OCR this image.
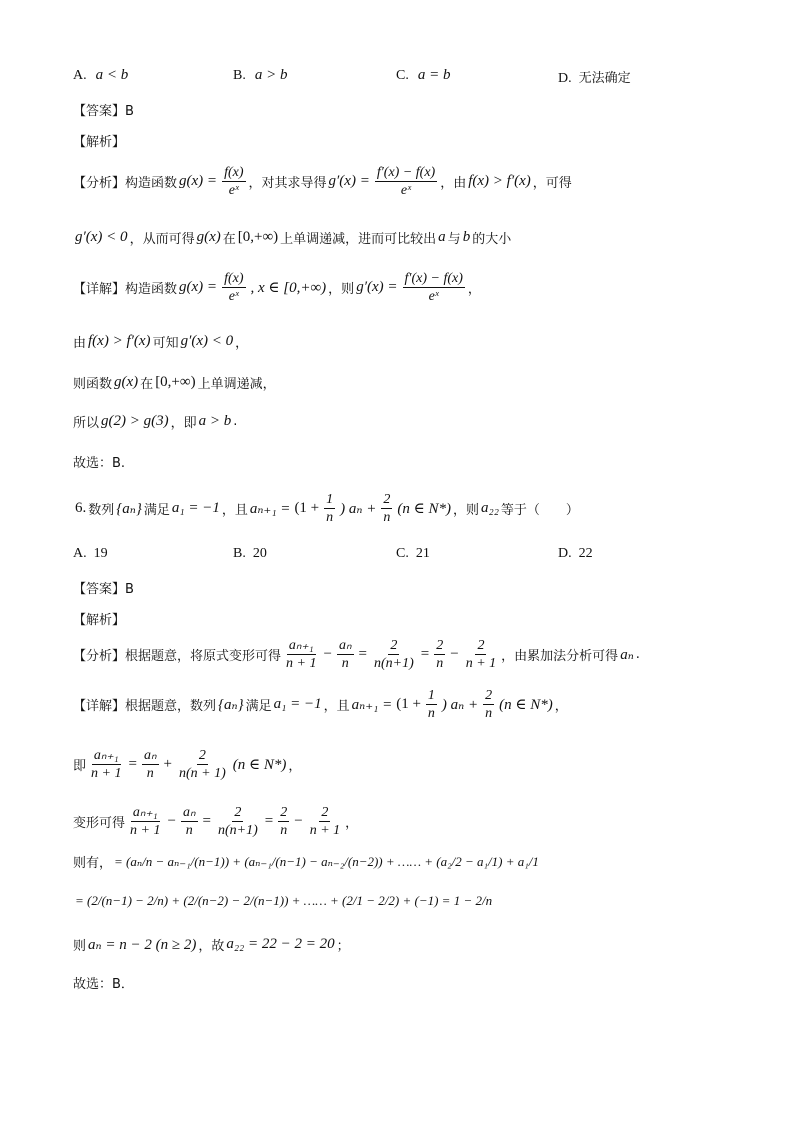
A. a < b	B. a > b	C. a = b	D. 无法确定
【答案】B
【解析】
【分析】 构造函数 $g(x) = \frac{f(x)}{\text{eˣ}}$ ，对其求导得 $g'(x) = \frac{f'(x) - f(x)}{\text{eˣ}}$ ，由 f(x) > f′(x) ，可得
g′(x) < 0 ，从而可得 g(x) 在 [0,+∞) 上单调递减，进而可比较出 a 与 b 的大小
【详解】 构造函数 $g(x) = \frac{f(x)}{\text{eˣ}}$ , x ∈ [0,+∞) ，则 $g'(x) = \frac{f'(x) - f(x)}{\text{eˣ}}$ ，
由 f(x) > f′(x) 可知 g′(x) < 0 ，
则函数 g(x) 在 [0,+∞) 上单调递减，
所以 g(2) > g(3) ，即 a > b .
故选：B.
6. 数列 {aₙ} 满足 a₁ = −1 ，且 $a_{n+1} = (1 + \frac{1}{n}$ ) $a_n + \frac{2}{n} (n$ ∈ N*) ，则 a₂₂ 等于（　　）
A. 19	B. 20	C. 21	D. 22
【答案】B
【解析】
【分析】 根据题意，将原式变形可得 $\frac{\text{aₙ₊₁}}{n + 1} - \frac{\text{aₙ}}{n} = \frac{2}{n(n+1)} = \frac{2}{n} - \frac{2}{n + 1}$ ，由累加法分析可得 aₙ .
【详解】 根据题意，数列 {aₙ} 满足 a₁ = −1 ，且 $a_{n+1} = (1 + \frac{1}{n}$ ) $a_n + \frac{2}{n} (n$ ∈ N*) ，
即 $\frac{\text{aₙ₊₁}}{n + 1} = \frac{\text{aₙ}}{n} + \frac{2}{n(n + 1)} (n$ ∈ N*) ，
变形可得 $\frac{\text{aₙ₊₁}}{n + 1} - \frac{\text{aₙ}}{n} = \frac{2}{n(n+1)} = \frac{2}{n} - \frac{2}{n + 1}$ ，
则有， = (aₙ/n − aₙ₋₁/(n−1)) + (aₙ₋₁/(n−1) − aₙ₋₂/(n−2)) + …… + (a₂/2 − a₁/1) + a₁/1
= (2/(n−1) − 2/n) + (2/(n−2) − 2/(n−1)) + …… + (2/1 − 2/2) + (−1) = 1 − 2/n
则 aₙ = n − 2 (n ≥ 2) ，故 a₂₂ = 22 − 2 = 20 ；
故选：B．
